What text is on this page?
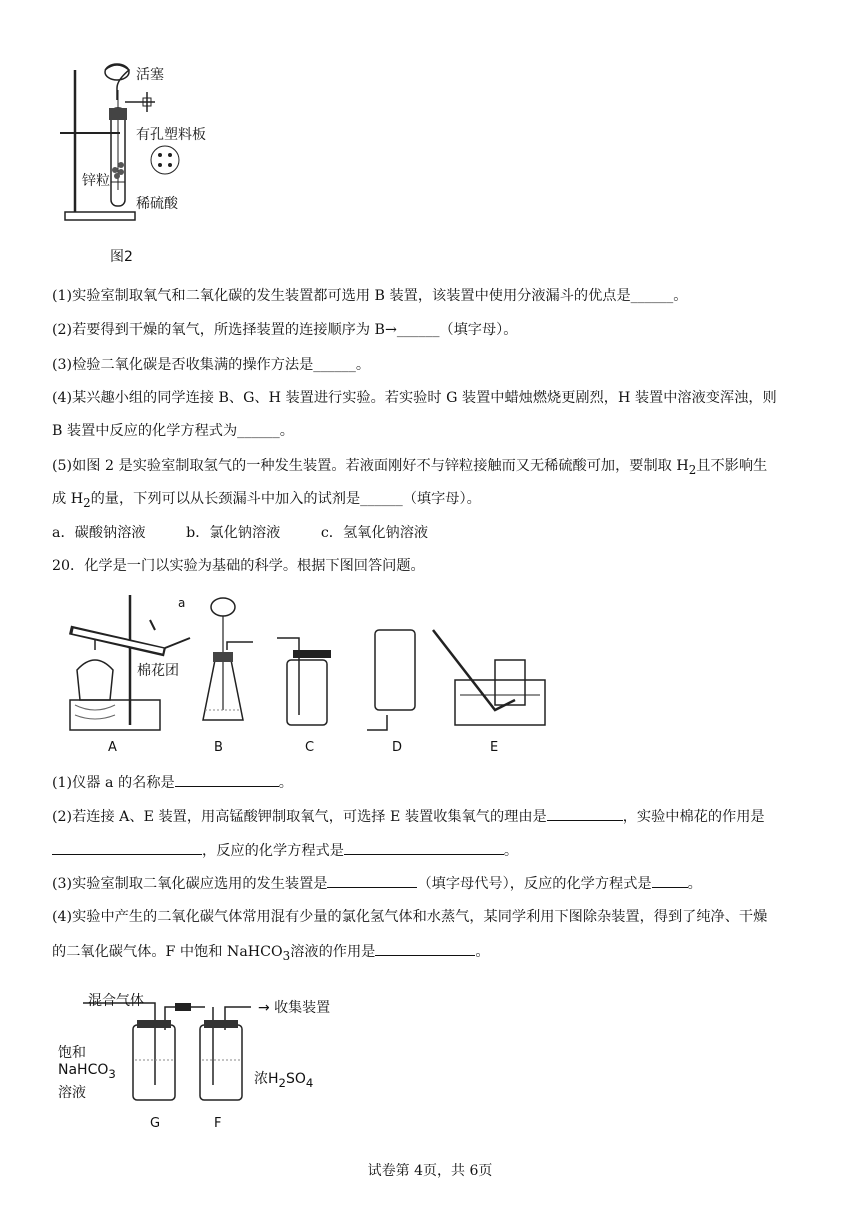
活塞
有孔塑料板
锌粒
稀硫酸
图2
(1)实验室制取氧气和二氧化碳的发生装置都可选用 B 装置，该装置中使用分液漏斗的优点是______。
(2)若要得到干燥的氧气，所选择装置的连接顺序为 B→______（填字母）。
(3)检验二氧化碳是否收集满的操作方法是______。
(4)某兴趣小组的同学连接 B、G、H 装置进行实验。若实验时 G 装置中蜡烛燃烧更剧烈，H 装置中溶液变浑浊，则
B 装置中反应的化学方程式为______。
(5)如图 2 是实验室制取氢气的一种发生装置。若液面刚好不与锌粒接触而又无稀硫酸可加，要制取 $H_2$且不影响生
成 $H_2$的量，下列可以从长颈漏斗中加入的试剂是______（填字母）。
a．碳酸钠溶液	b．氯化钠溶液	c．氢氧化钠溶液
20．化学是一门以实验为基础的科学。根据下图回答问题。
a
棉花团
A	B	C	D	E
(1)仪器 a 的名称是	。
(2)若连接 A、E 装置，用高锰酸钾制取氧气，可选择 E 装置收集氧气的理由是	，实验中棉花的作用是
，反应的化学方程式是	。
(3)实验室制取二氧化碳应选用的发生装置是	（填字母代号），反应的化学方程式是	。
(4)实验中产生的二氧化碳气体常用混有少量的氯化氢气体和水蒸气，某同学利用下图除杂装置，得到了纯净、干燥
的二氧化碳气体。F 中饱和 NaHCO$_3$溶液的作用是	。
混合气体	→ 收集装置
饱和
NaHCO$_3$
溶液
浓$H_2SO_4$
G	F
试卷第 4页，共 6页
